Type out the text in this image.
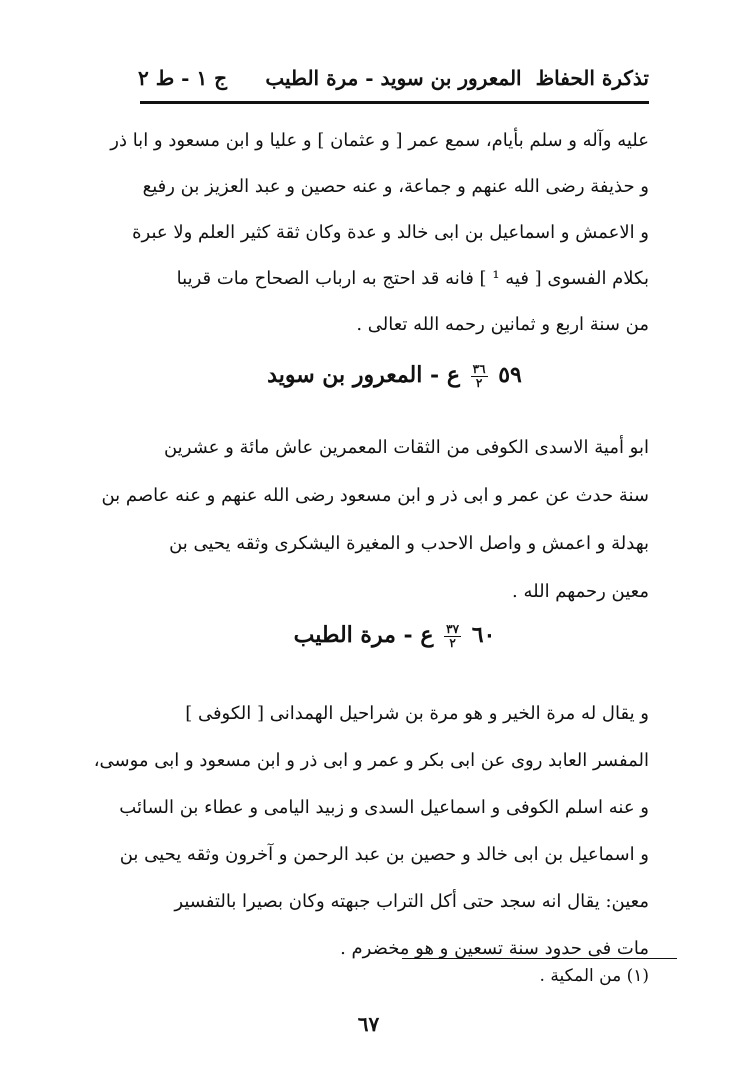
تذكرة الحفاظ
المعرور بن سويد - مرة الطيب
ج ١ - ط ٢
عليه وآله و سلم بأيام، سمع عمر [ و عثمان ] و عليا و ابن مسعود و ابا ذر
و حذيفة رضى الله عنهم و جماعة، و عنه حصين و عبد العزيز بن رفيع
و الاعمش و اسماعيل بن ابى خالد و عدة وكان ثقة كثير العلم ولا عبرة
بكلام الفسوى [ فيه ¹ ] فانه قد احتج به ارباب الصحاح مات قريبا
من سنة اربع و ثمانين رحمه الله تعالى .
٥٩
$\frac{٣٦}{٢}$
ع - المعرور بن سويد
ابو أمية الاسدى الكوفى من الثقات المعمرين عاش مائة و عشرين
سنة حدث عن عمر و ابى ذر و ابن مسعود رضى الله عنهم و عنه عاصم بن
بهدلة و اعمش و واصل الاحدب و المغيرة اليشكرى وثقه يحيى بن
معين رحمهم الله .
٦٠
$\frac{٣٧}{٢}$
ع - مرة الطيب
و يقال له مرة الخير و هو مرة بن شراحيل الهمدانى [ الكوفى ]
المفسر العابد روى عن ابى بكر و عمر و ابى ذر و ابن مسعود و ابى موسى،
و عنه اسلم الكوفى و اسماعيل السدى و زبيد اليامى و عطاء بن السائب
و اسماعيل بن ابى خالد و حصين بن عبد الرحمن و آخرون وثقه يحيى بن
معين: يقال انه سجد حتى أكل التراب جبهته وكان بصيرا بالتفسير
مات فى حدود سنة تسعين و هو مخضرم .
(١) من المكية .
٦٧
